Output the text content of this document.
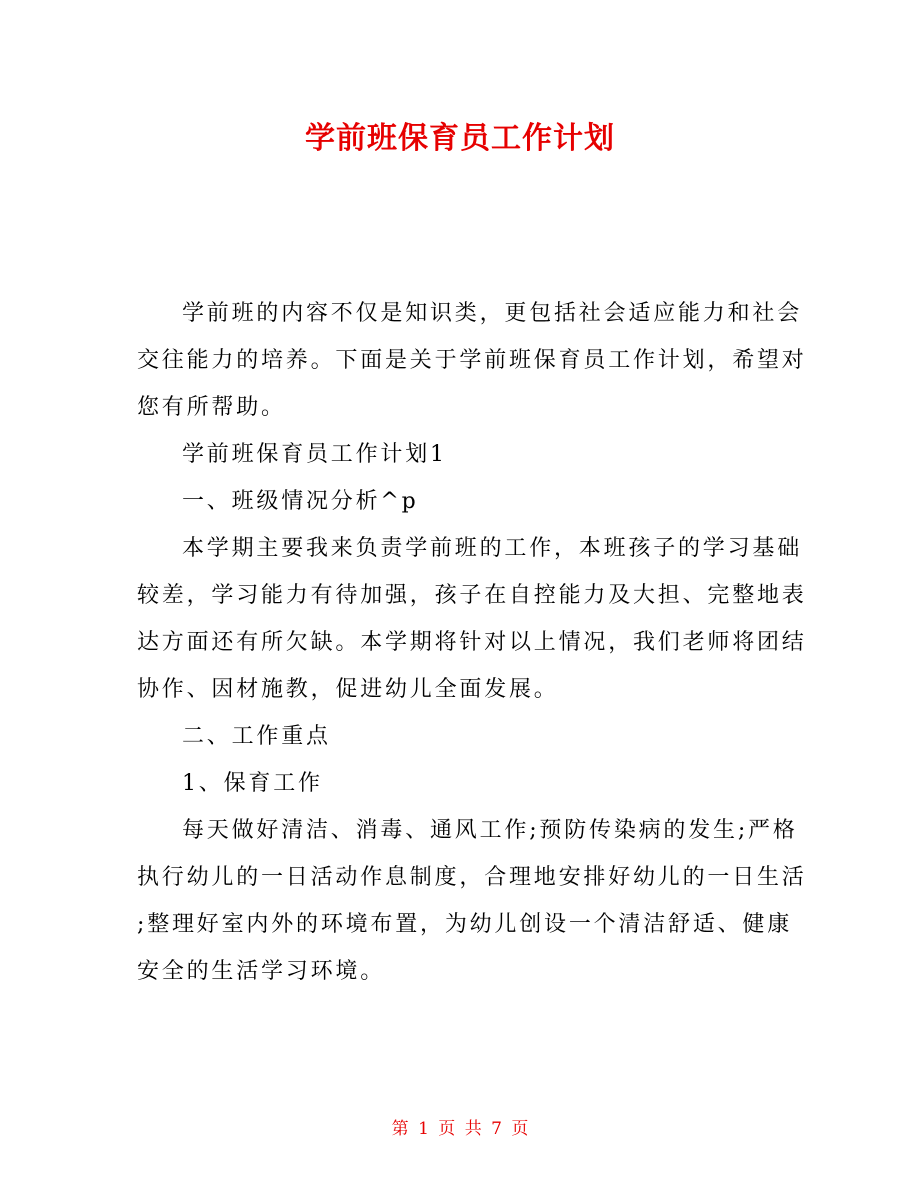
学前班保育员工作计划
学前班的内容不仅是知识类，更包括社会适应能力和社会
交往能力的培养。下面是关于学前班保育员工作计划，希望对
您有所帮助。
学前班保育员工作计划1
一、班级情况分析^p
本学期主要我来负责学前班的工作，本班孩子的学习基础
较差，学习能力有待加强，孩子在自控能力及大担、完整地表
达方面还有所欠缺。本学期将针对以上情况，我们老师将团结
协作、因材施教，促进幼儿全面发展。
二、工作重点
1、保育工作
每天做好清洁、消毒、通风工作;预防传染病的发生;严格
执行幼儿的一日活动作息制度，合理地安排好幼儿的一日生活
;整理好室内外的环境布置，为幼儿创设一个清洁舒适、健康
安全的生活学习环境。
第 1 页 共 7 页
